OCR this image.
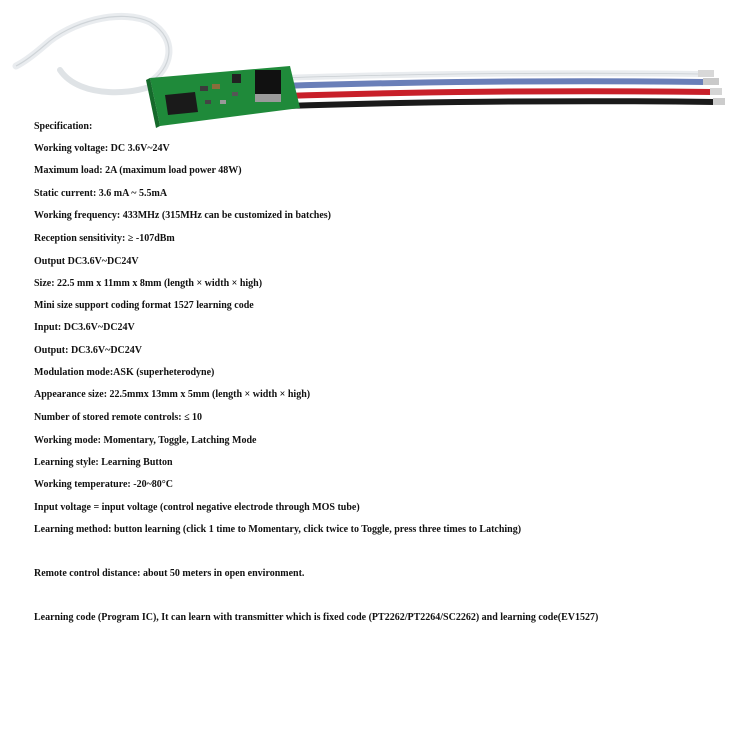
Specification:
Working voltage: DC 3.6V~24V
Maximum load: 2A (maximum load power 48W)
Static current: 3.6 mA ~ 5.5mA
Working frequency: 433MHz (315MHz can be customized in batches)
Reception sensitivity: ≥ -107dBm
Output DC3.6V~DC24V
Size: 22.5 mm x 11mm x 8mm (length × width × high)
Mini size support coding format 1527 learning code
Input: DC3.6V~DC24V
Output: DC3.6V~DC24V
Modulation mode:ASK (superheterodyne)
Appearance size: 22.5mmx 13mm x 5mm (length × width × high)
Number of stored remote controls: ≤ 10
Working mode: Momentary, Toggle, Latching Mode
Learning style: Learning Button
Working temperature: -20~80°C
Input voltage = input voltage (control negative electrode through MOS tube)
Learning method: button learning (click 1 time to Momentary, click twice to Toggle, press three times to Latching)
Remote control distance: about 50 meters in open environment.
Learning code (Program IC), It can learn with transmitter which is fixed code (PT2262/PT2264/SC2262) and learning code(EV1527)
